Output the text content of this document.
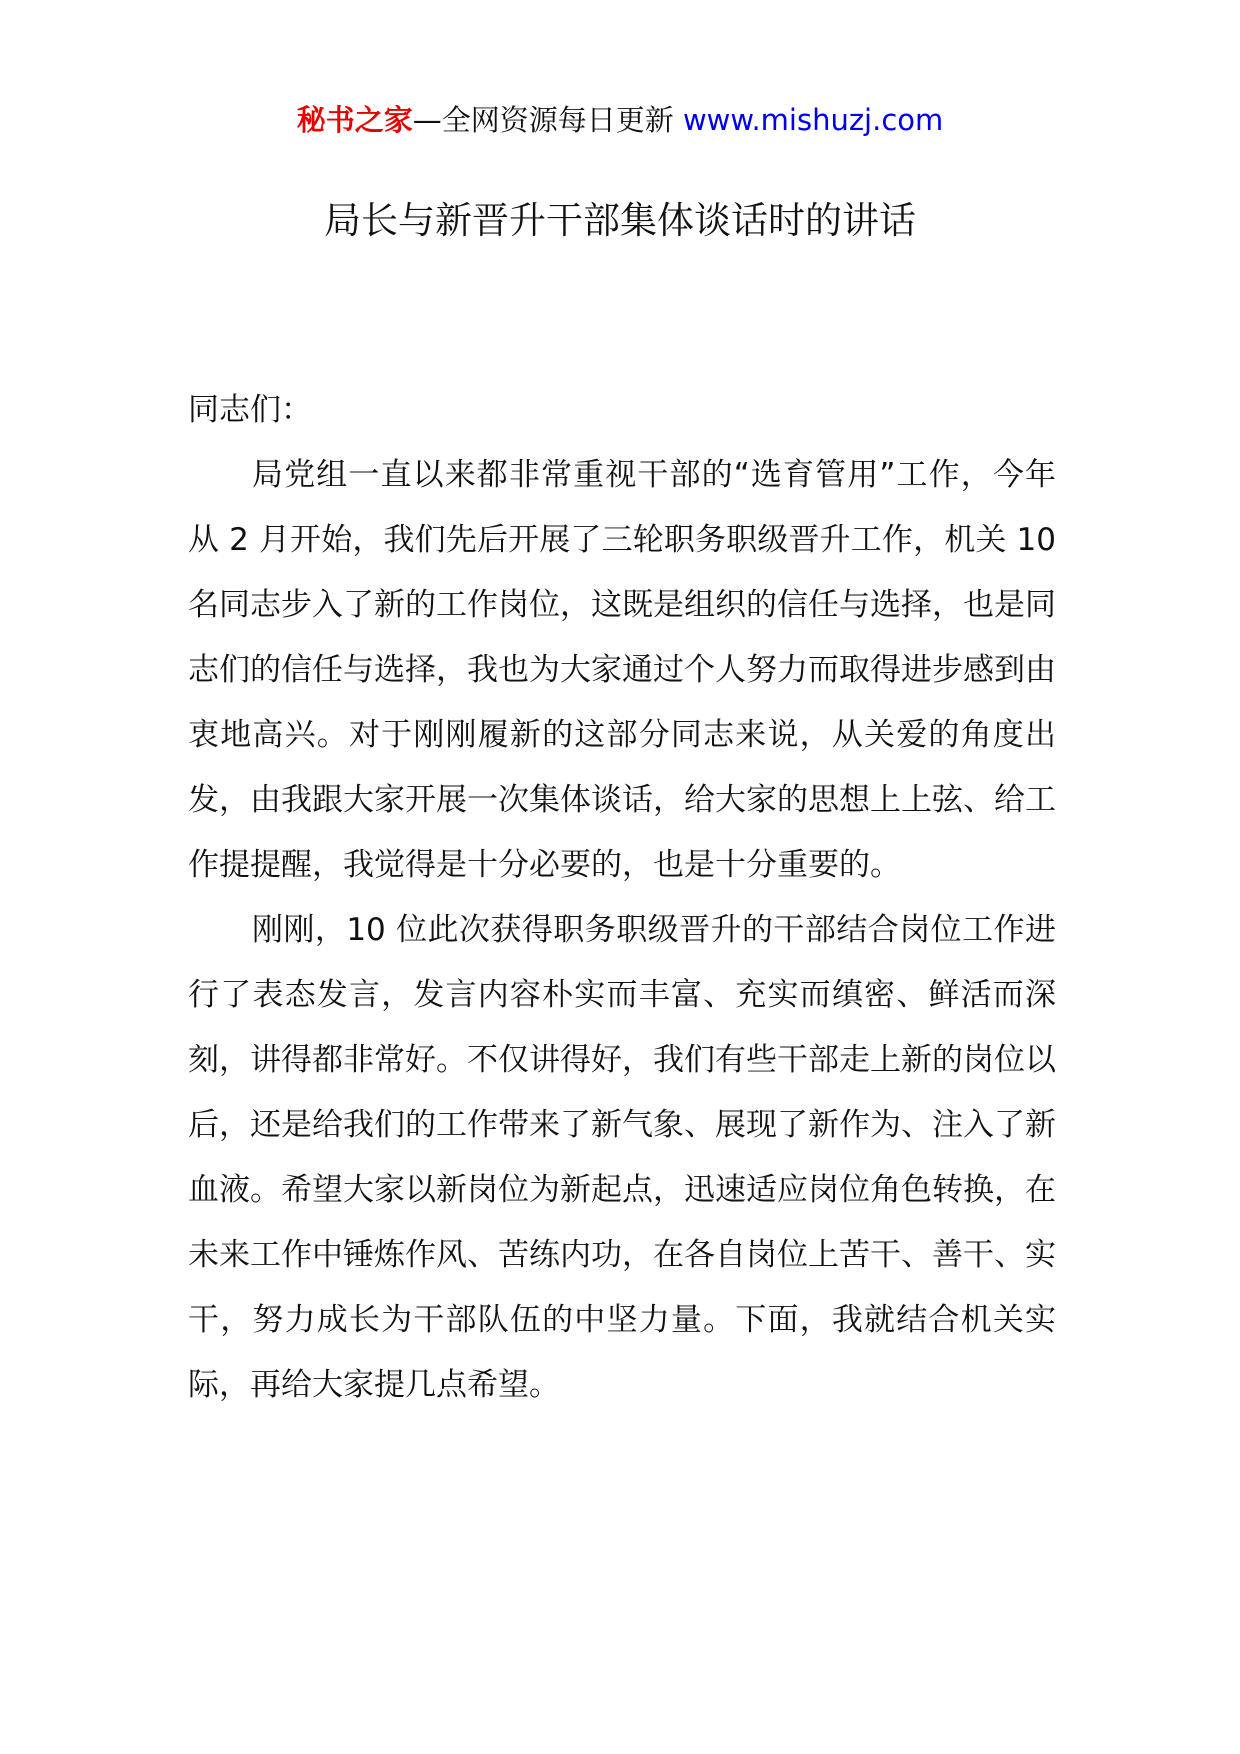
秘书之家—全网资源每日更新 www.mishuzj.com
局长与新晋升干部集体谈话时的讲话

同志们：

局党组一直以来都非常重视干部的“选育管用”工作，今年从 2 月开始，我们先后开展了三轮职务职级晋升工作，机关 10 名同志步入了新的工作岗位，这既是组织的信任与选择，也是同志们的信任与选择，我也为大家通过个人努力而取得进步感到由衷地高兴。对于刚刚履新的这部分同志来说，从关爱的角度出发，由我跟大家开展一次集体谈话，给大家的思想上上弦、给工作提提醒，我觉得是十分必要的，也是十分重要的。

刚刚，10 位此次获得职务职级晋升的干部结合岗位工作进行了表态发言，发言内容朴实而丰富、充实而缜密、鲜活而深刻，讲得都非常好。不仅讲得好，我们有些干部走上新的岗位以后，还是给我们的工作带来了新气象、展现了新作为、注入了新血液。希望大家以新岗位为新起点，迅速适应岗位角色转换，在未来工作中锤炼作风、苦练内功，在各自岗位上苦干、善干、实干，努力成长为干部队伍的中坚力量。下面，我就结合机关实际，再给大家提几点希望。
